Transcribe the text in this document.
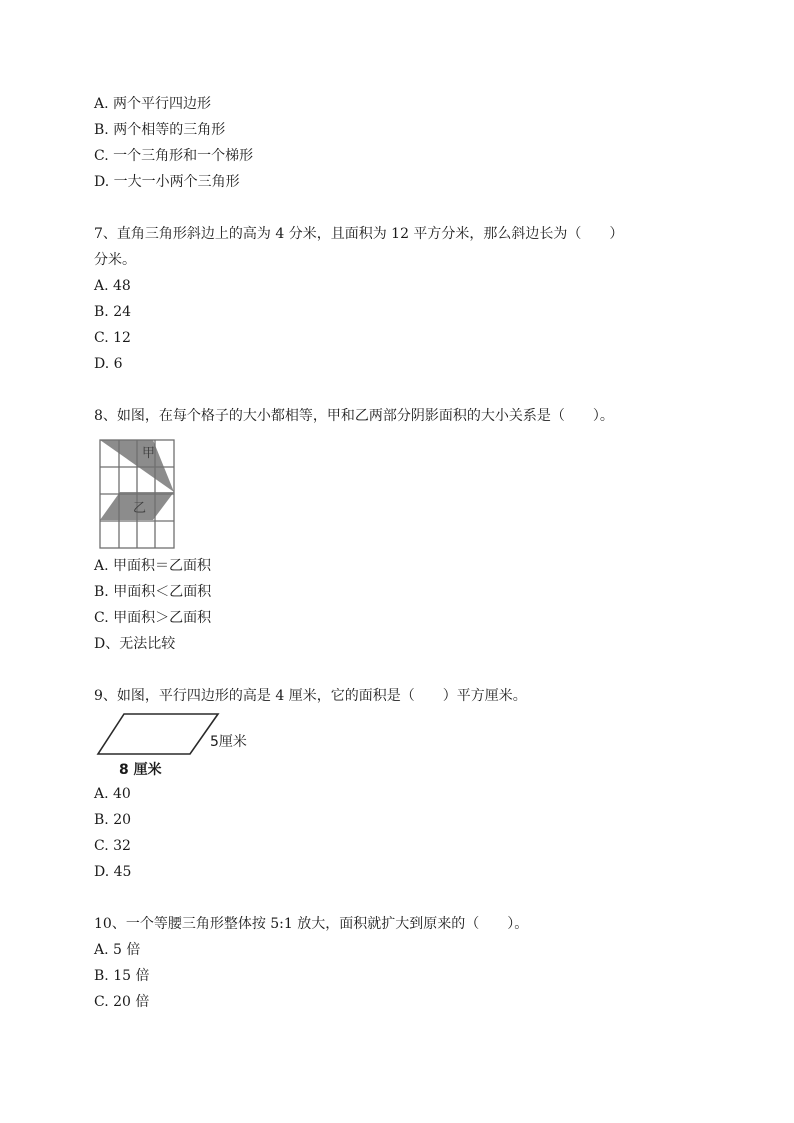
A. 两个平行四边形
B. 两个相等的三角形
C. 一个三角形和一个梯形
D. 一大一小两个三角形
7、直角三角形斜边上的高为 4 分米，且面积为 12 平方分米，那么斜边长为（　　）
分米。
A. 48
B. 24
C. 12
D. 6
8、如图，在每个格子的大小都相等，甲和乙两部分阴影面积的大小关系是（　　）。
甲
乙
A. 甲面积＝乙面积
B. 甲面积＜乙面积
C. 甲面积＞乙面积
D、无法比较
9、如图，平行四边形的高是 4 厘米，它的面积是（　　）平方厘米。
5厘米
8 厘米
A. 40
B. 20
C. 32
D. 45
10、一个等腰三角形整体按 5:1 放大，面积就扩大到原来的（　　）。
A. 5 倍
B. 15 倍
C. 20 倍
